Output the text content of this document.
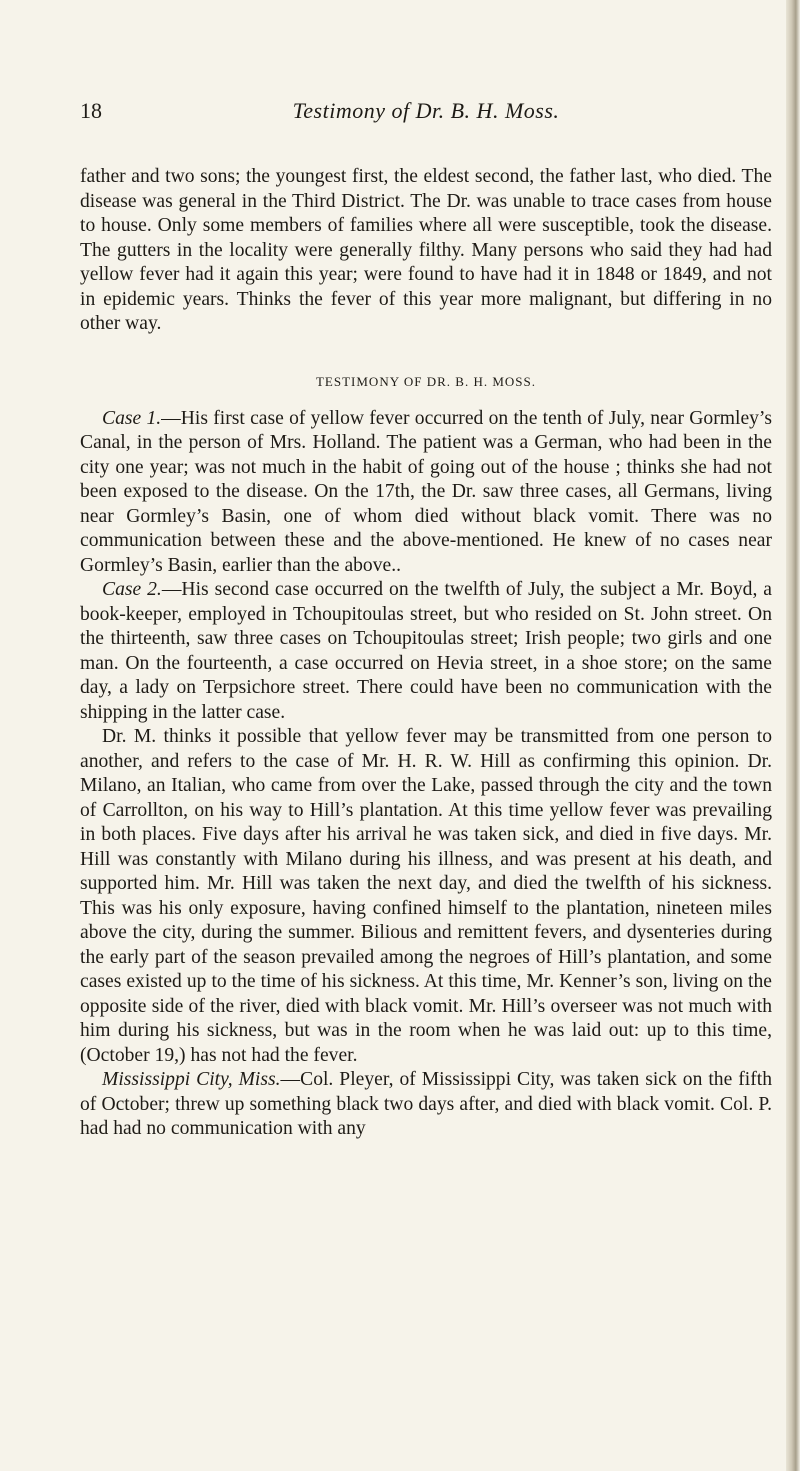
18	Testimony of Dr. B. H. Moss.

father and two sons; the youngest first, the eldest second, the father last, who died. The disease was general in the Third District. The Dr. was unable to trace cases from house to house. Only some members of families where all were susceptible, took the disease. The gutters in the locality were generally filthy. Many persons who said they had had yellow fever had it again this year; were found to have had it in 1848 or 1849, and not in epidemic years. Thinks the fever of this year more malignant, but differing in no other way.

TESTIMONY OF DR. B. H. MOSS.

Case 1.—His first case of yellow fever occurred on the tenth of July, near Gormley’s Canal, in the person of Mrs. Holland. The patient was a German, who had been in the city one year; was not much in the habit of going out of the house ; thinks she had not been exposed to the disease. On the 17th, the Dr. saw three cases, all Germans, living near Gormley’s Basin, one of whom died without black vomit. There was no communication between these and the above-mentioned. He knew of no cases near Gormley’s Basin, earlier than the above..

Case 2.—His second case occurred on the twelfth of July, the subject a Mr. Boyd, a book-keeper, employed in Tchoupitoulas street, but who resided on St. John street. On the thirteenth, saw three cases on Tchoupitoulas street; Irish people; two girls and one man. On the fourteenth, a case occurred on Hevia street, in a shoe store; on the same day, a lady on Terpsichore street. There could have been no communication with the shipping in the latter case.

Dr. M. thinks it possible that yellow fever may be transmitted from one person to another, and refers to the case of Mr. H. R. W. Hill as confirming this opinion. Dr. Milano, an Italian, who came from over the Lake, passed through the city and the town of Carrollton, on his way to Hill’s plantation. At this time yellow fever was prevailing in both places. Five days after his arrival he was taken sick, and died in five days. Mr. Hill was constantly with Milano during his illness, and was present at his death, and supported him. Mr. Hill was taken the next day, and died the twelfth of his sickness. This was his only exposure, having confined himself to the plantation, nineteen miles above the city, during the summer. Bilious and remittent fevers, and dysenteries during the early part of the season prevailed among the negroes of Hill’s plantation, and some cases existed up to the time of his sickness. At this time, Mr. Kenner’s son, living on the opposite side of the river, died with black vomit. Mr. Hill’s overseer was not much with him during his sickness, but was in the room when he was laid out: up to this time, (October 19,) has not had the fever.

Mississippi City, Miss.—Col. Pleyer, of Mississippi City, was taken sick on the fifth of October; threw up something black two days after, and died with black vomit. Col. P. had had no communication with any
